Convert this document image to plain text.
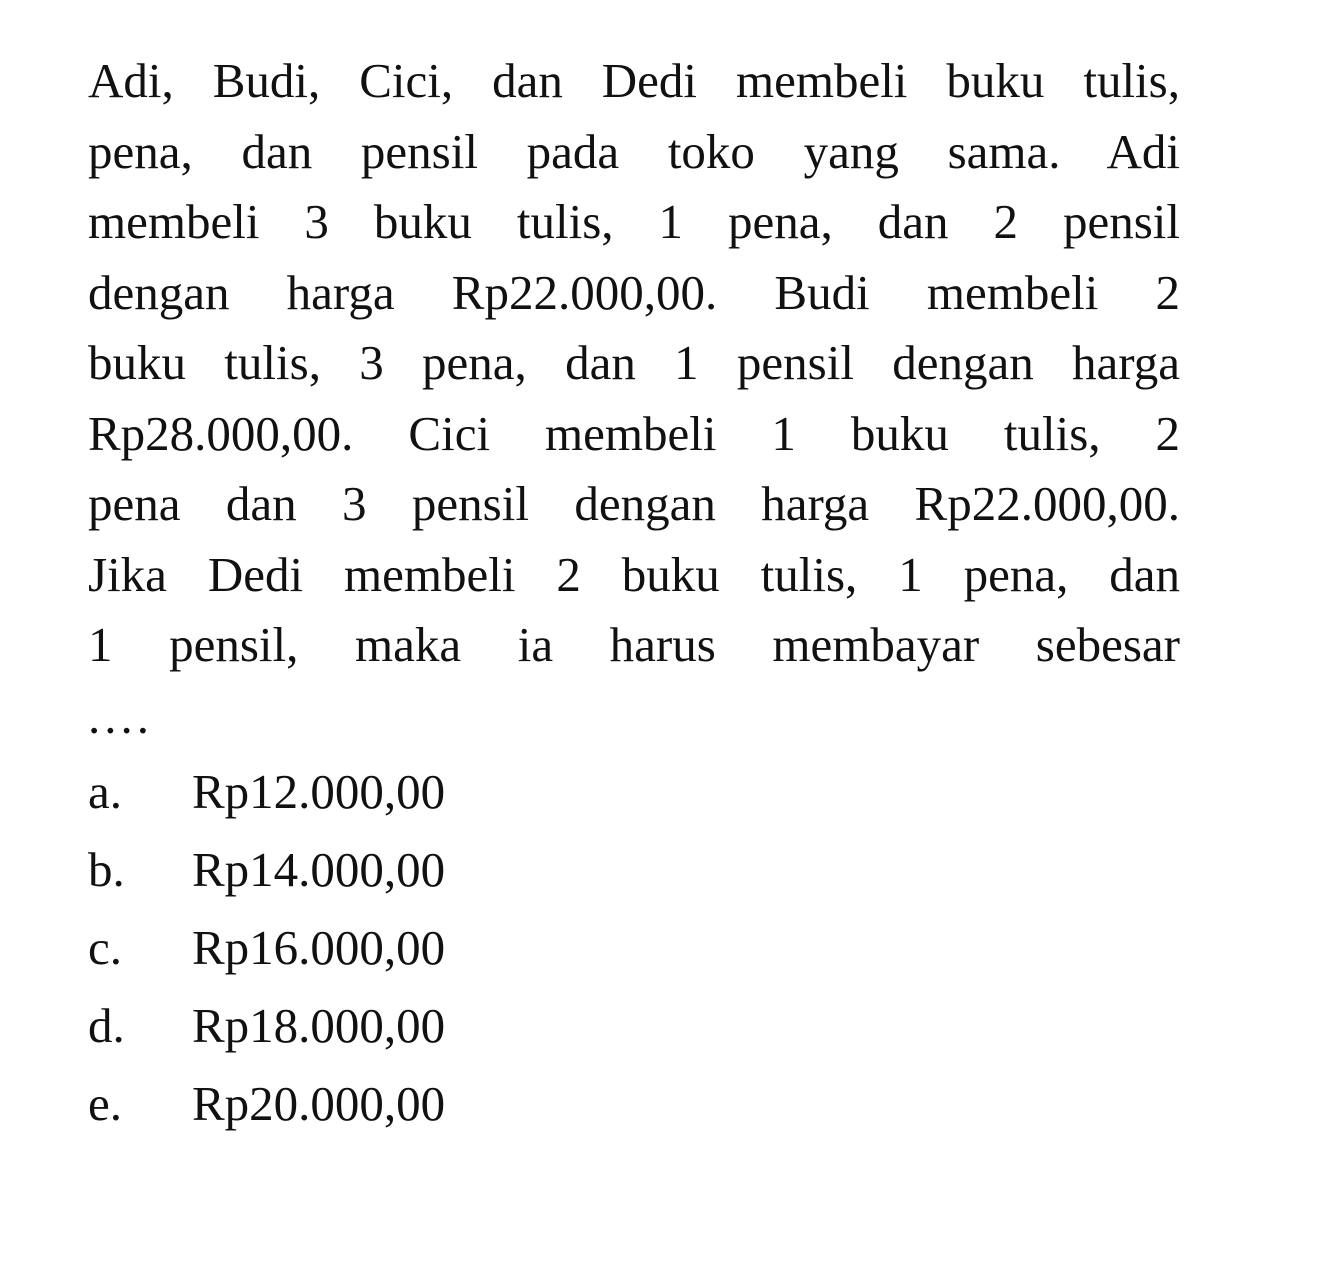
Adi, Budi, Cici, dan Dedi membeli buku tulis,
pena, dan pensil pada toko yang sama. Adi
membeli 3 buku tulis, 1 pena, dan 2 pensil
dengan harga Rp22.000,00. Budi membeli 2
buku tulis, 3 pena, dan 1 pensil dengan harga
Rp28.000,00. Cici membeli 1 buku tulis, 2
pena dan 3 pensil dengan harga Rp22.000,00.
Jika Dedi membeli 2 buku tulis, 1 pena, dan
1 pensil, maka ia harus membayar sebesar
....
a.	Rp12.000,00
b.	Rp14.000,00
c.	Rp16.000,00
d.	Rp18.000,00
e.	Rp20.000,00
